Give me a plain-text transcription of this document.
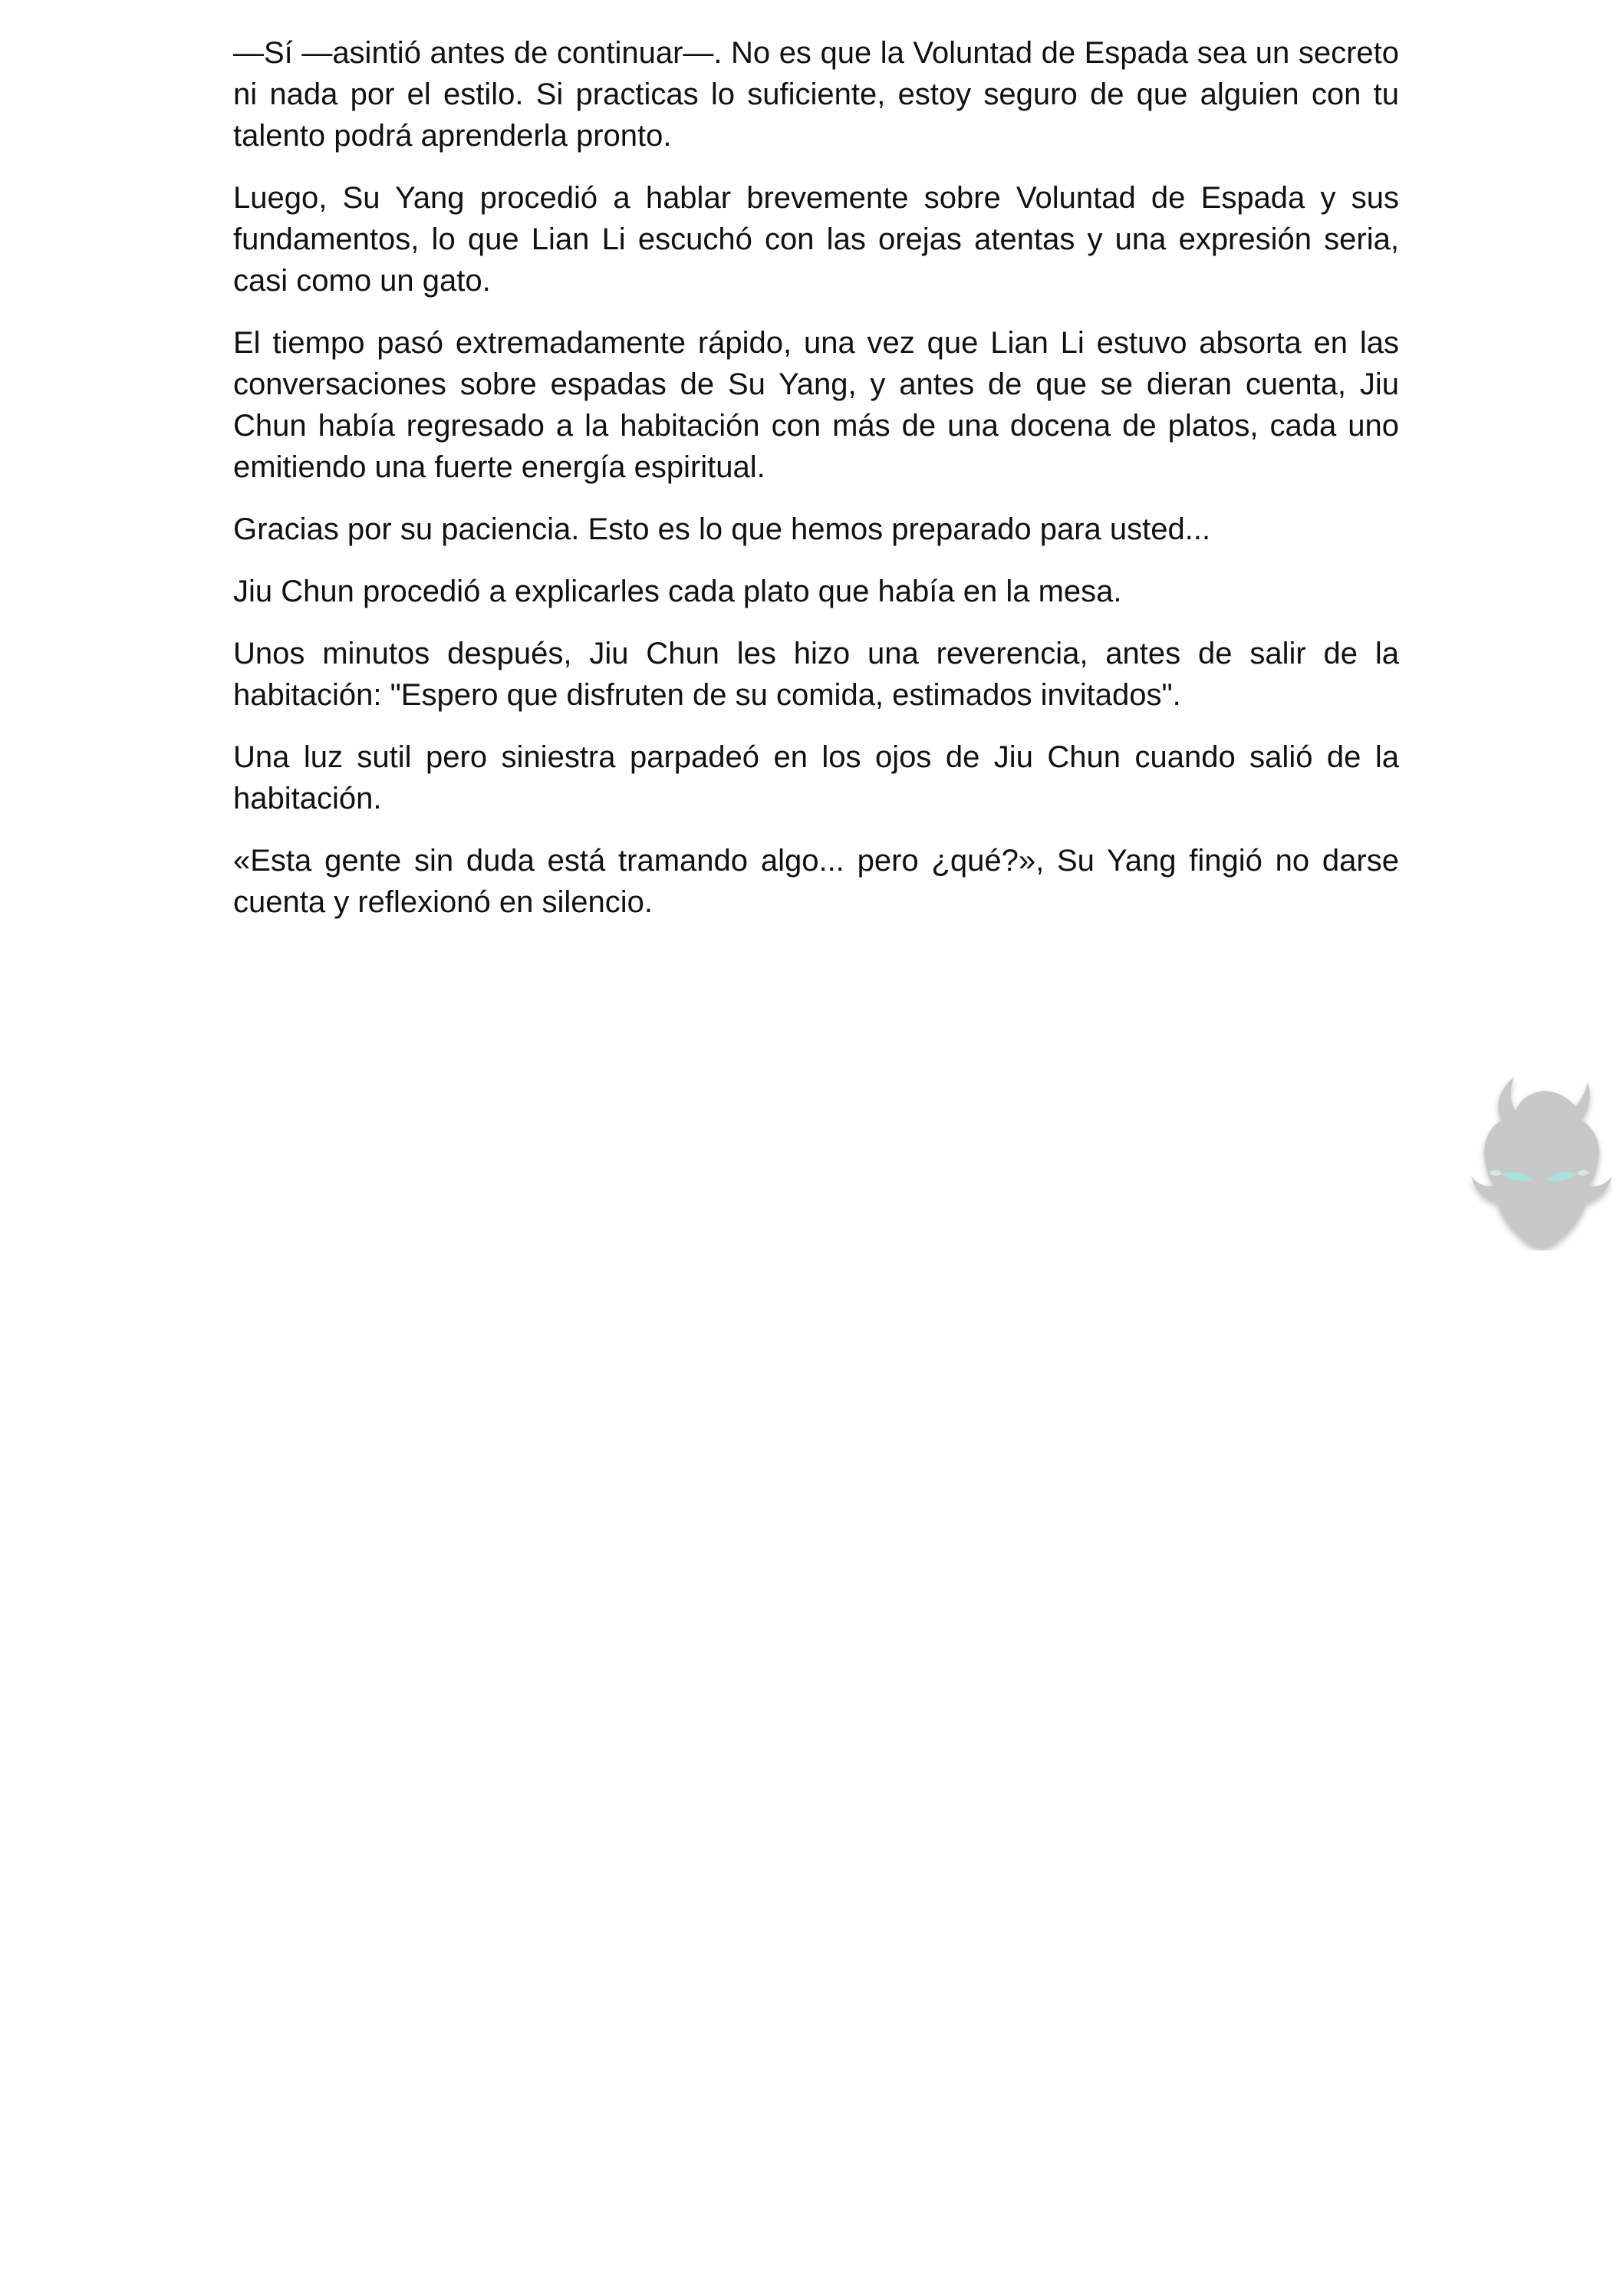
—Sí —asintió antes de continuar—. No es que la Voluntad de Espada sea un secreto ni nada por el estilo. Si practicas lo suficiente, estoy seguro de que alguien con tu talento podrá aprenderla pronto.

Luego, Su Yang procedió a hablar brevemente sobre Voluntad de Espada y sus fundamentos, lo que Lian Li escuchó con las orejas atentas y una expresión seria, casi como un gato.

El tiempo pasó extremadamente rápido, una vez que Lian Li estuvo absorta en las conversaciones sobre espadas de Su Yang, y antes de que se dieran cuenta, Jiu Chun había regresado a la habitación con más de una docena de platos, cada uno emitiendo una fuerte energía espiritual.

Gracias por su paciencia. Esto es lo que hemos preparado para usted...

Jiu Chun procedió a explicarles cada plato que había en la mesa.

Unos minutos después, Jiu Chun les hizo una reverencia, antes de salir de la habitación: "Espero que disfruten de su comida, estimados invitados".

Una luz sutil pero siniestra parpadeó en los ojos de Jiu Chun cuando salió de la habitación.

«Esta gente sin duda está tramando algo... pero ¿qué?», Su Yang fingió no darse cuenta y reflexionó en silencio.
